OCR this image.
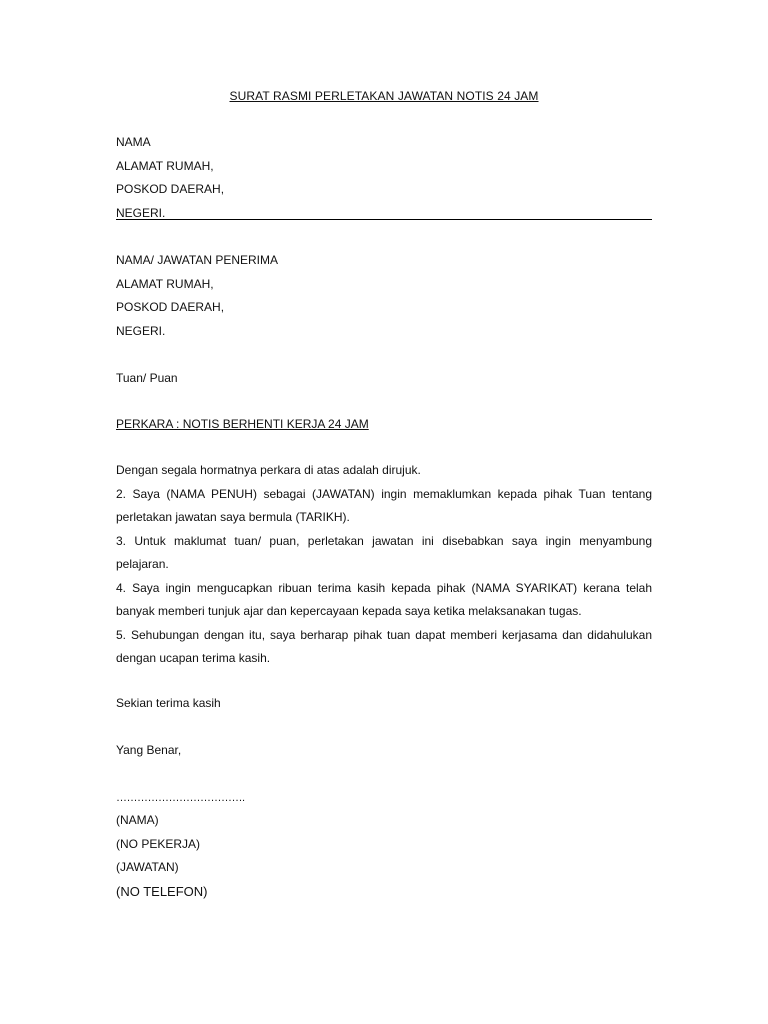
SURAT RASMI PERLETAKAN JAWATAN NOTIS 24 JAM
NAMA
ALAMAT RUMAH,
POSKOD DAERAH,
NEGERI.
NAMA/ JAWATAN PENERIMA
ALAMAT RUMAH,
POSKOD DAERAH,
NEGERI.
Tuan/ Puan
PERKARA : NOTIS BERHENTI KERJA 24 JAM

Dengan segala hormatnya perkara di atas adalah dirujuk.

2. Saya (NAMA PENUH) sebagai (JAWATAN) ingin memaklumkan kepada pihak Tuan tentang perletakan jawatan saya bermula (TARIKH).

3. Untuk maklumat tuan/ puan, perletakan jawatan ini disebabkan saya ingin menyambung pelajaran.

4. Saya ingin mengucapkan ribuan terima kasih kepada pihak (NAMA SYARIKAT) kerana telah banyak memberi tunjuk ajar dan kepercayaan kepada saya ketika melaksanakan tugas.

5. Sehubungan dengan itu, saya berharap pihak tuan dapat memberi kerjasama dan didahulukan dengan ucapan terima kasih.

Sekian terima kasih
Yang Benar,
……………………………….
(NAMA)
(NO PEKERJA)
(JAWATAN)
(NO TELEFON)
